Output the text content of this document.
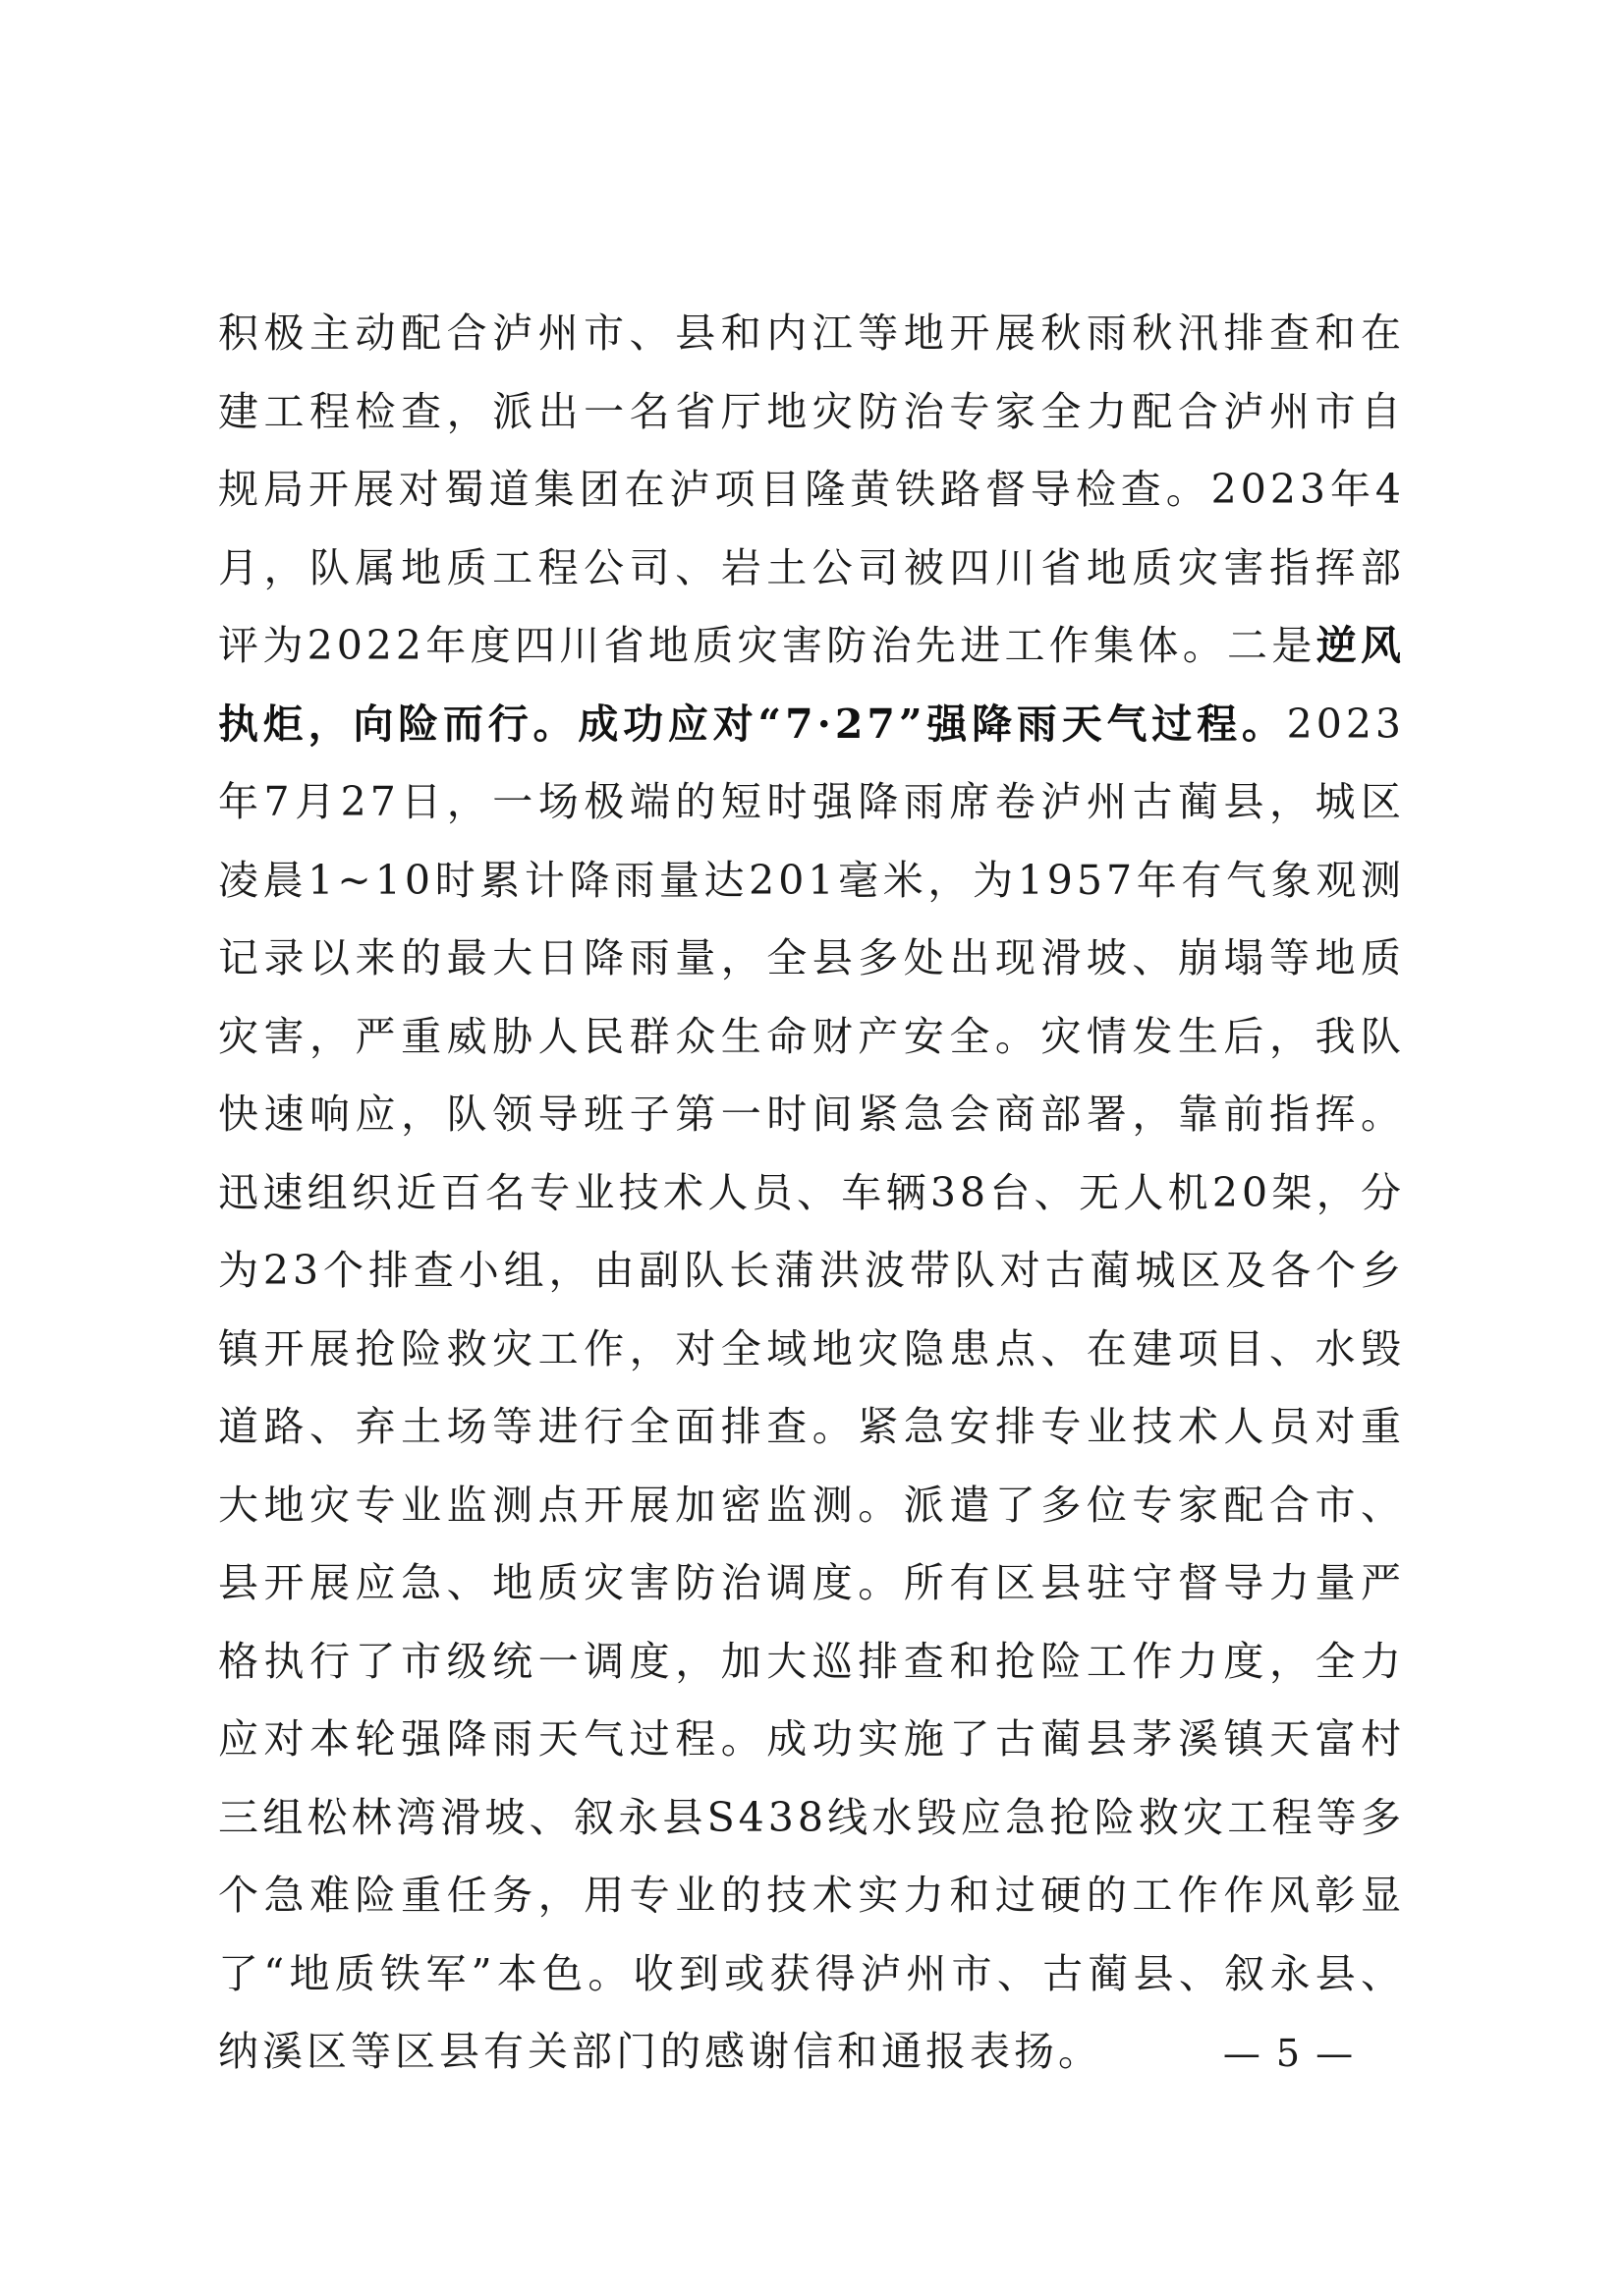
积极主动配合泸州市、县和内江等地开展秋雨秋汛排查和在建工程检查，派出一名省厅地灾防治专家全力配合泸州市自规局开展对蜀道集团在泸项目隆黄铁路督导检查。2023年4月，队属地质工程公司、岩土公司被四川省地质灾害指挥部评为2022年度四川省地质灾害防治先进工作集体。二是逆风执炬，向险而行。成功应对“7·27”强降雨天气过程。2023年7月27日，一场极端的短时强降雨席卷泸州古蔺县，城区凌晨1~10时累计降雨量达201毫米，为1957年有气象观测记录以来的最大日降雨量，全县多处出现滑坡、崩塌等地质灾害，严重威胁人民群众生命财产安全。灾情发生后，我队快速响应，队领导班子第一时间紧急会商部署，靠前指挥。迅速组织近百名专业技术人员、车辆38台、无人机20架，分为23个排查小组，由副队长蒲洪波带队对古蔺城区及各个乡镇开展抢险救灾工作，对全域地灾隐患点、在建项目、水毁道路、弃土场等进行全面排查。紧急安排专业技术人员对重大地灾专业监测点开展加密监测。派遣了多位专家配合市、县开展应急、地质灾害防治调度。所有区县驻守督导力量严格执行了市级统一调度，加大巡排查和抢险工作力度，全力应对本轮强降雨天气过程。成功实施了古蔺县茅溪镇天富村三组松林湾滑坡、叙永县S438线水毁应急抢险救灾工程等多个急难险重任务，用专业的技术实力和过硬的工作作风彰显了“地质铁军”本色。收到或获得泸州市、古蔺县、叙永县、纳溪区等区县有关部门的感谢信和通报表扬。	— 5 —
